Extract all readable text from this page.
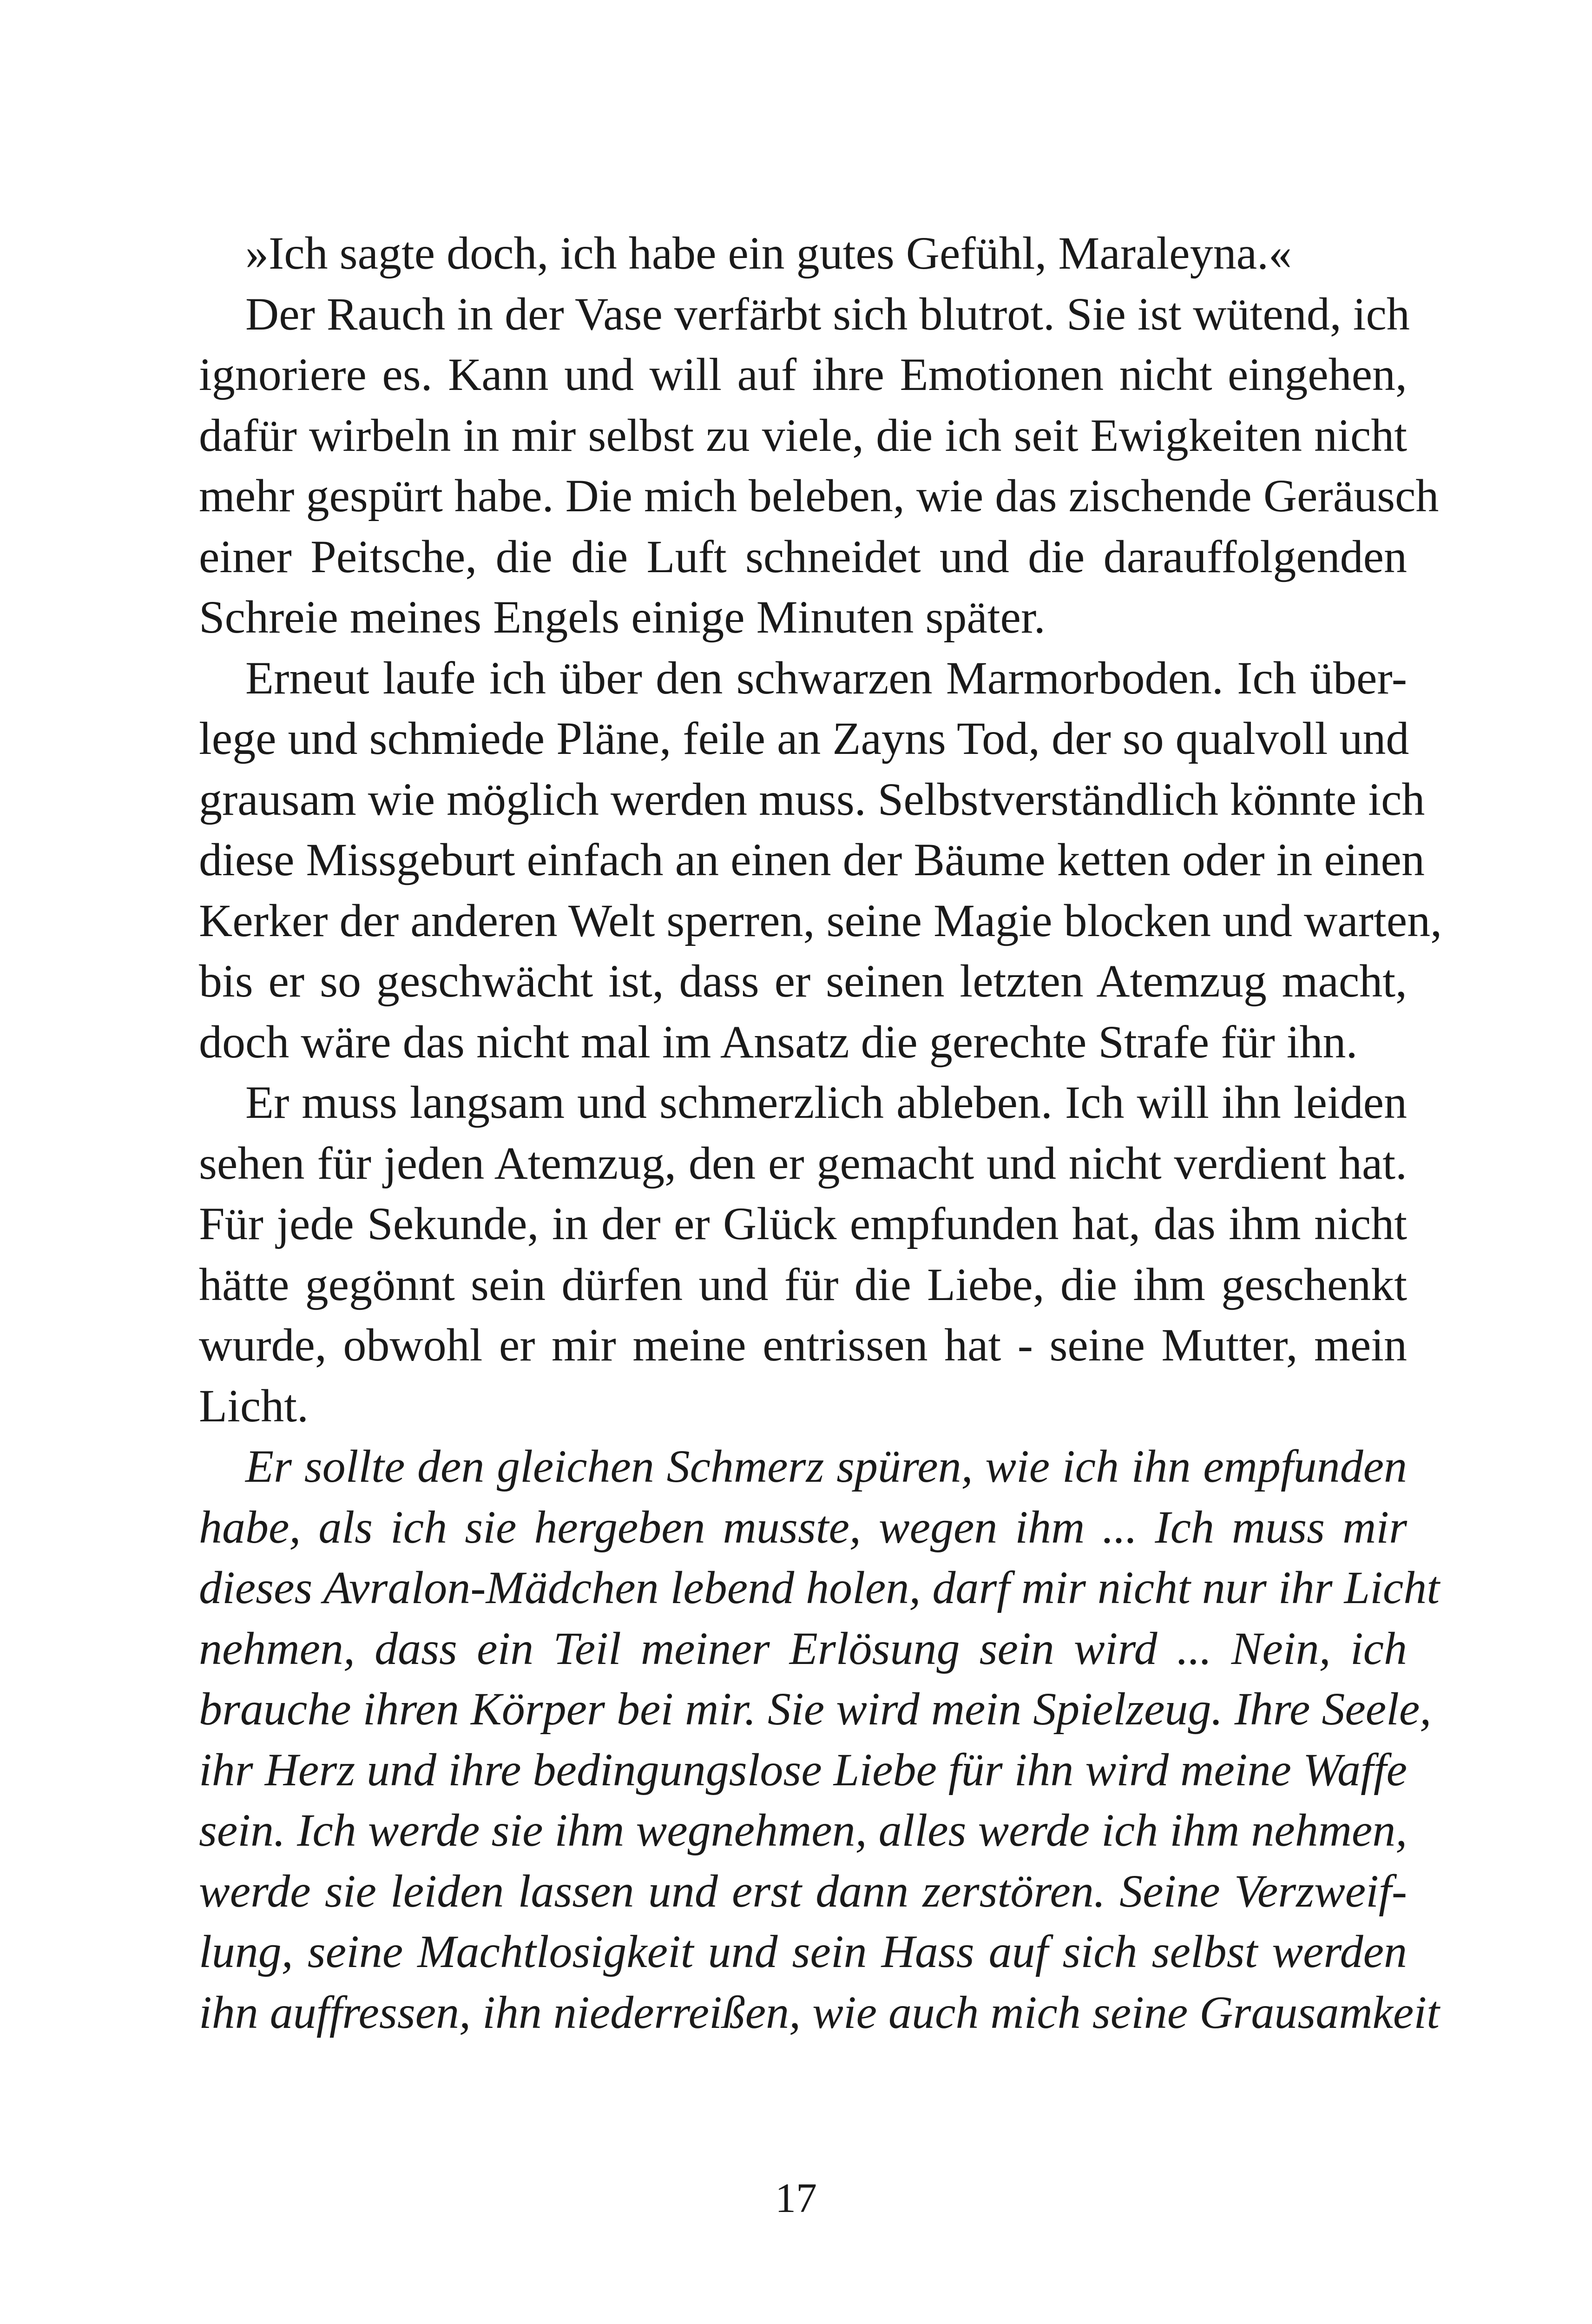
»Ich sagte doch, ich habe ein gutes Gefühl, Maraleyna.«
Der Rauch in der Vase verfärbt sich blutrot. Sie ist wütend, ich
ignoriere es. Kann und will auf ihre Emotionen nicht eingehen,
dafür wirbeln in mir selbst zu viele, die ich seit Ewigkeiten nicht
mehr gespürt habe. Die mich beleben, wie das zischende Geräusch
einer Peitsche, die die Luft schneidet und die darauffolgenden
Schreie meines Engels einige Minuten später.
Erneut laufe ich über den schwarzen Marmorboden. Ich über-
lege und schmiede Pläne, feile an Zayns Tod, der so qualvoll und
grausam wie möglich werden muss. Selbstverständlich könnte ich
diese Missgeburt einfach an einen der Bäume ketten oder in einen
Kerker der anderen Welt sperren, seine Magie blocken und warten,
bis er so geschwächt ist, dass er seinen letzten Atemzug macht,
doch wäre das nicht mal im Ansatz die gerechte Strafe für ihn.
Er muss langsam und schmerzlich ableben. Ich will ihn leiden
sehen für jeden Atemzug, den er gemacht und nicht verdient hat.
Für jede Sekunde, in der er Glück empfunden hat, das ihm nicht
hätte gegönnt sein dürfen und für die Liebe, die ihm geschenkt
wurde, obwohl er mir meine entrissen hat - seine Mutter, mein
Licht.
Er sollte den gleichen Schmerz spüren, wie ich ihn empfunden
habe, als ich sie hergeben musste, wegen ihm ... Ich muss mir
dieses Avralon-Mädchen lebend holen, darf mir nicht nur ihr Licht
nehmen, dass ein Teil meiner Erlösung sein wird ... Nein, ich
brauche ihren Körper bei mir. Sie wird mein Spielzeug. Ihre Seele,
ihr Herz und ihre bedingungslose Liebe für ihn wird meine Waffe
sein. Ich werde sie ihm wegnehmen, alles werde ich ihm nehmen,
werde sie leiden lassen und erst dann zerstören. Seine Verzweif-
lung, seine Machtlosigkeit und sein Hass auf sich selbst werden
ihn auffressen, ihn niederreißen, wie auch mich seine Grausamkeit
17
